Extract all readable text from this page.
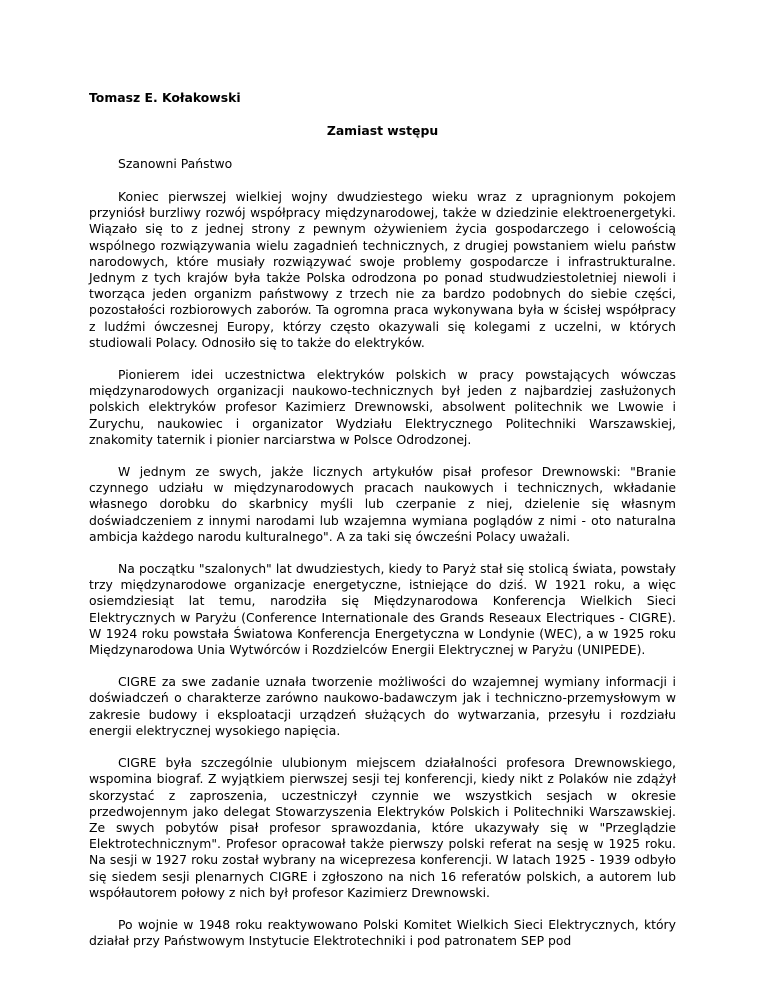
Tomasz E. Kołakowski
Zamiast wstępu
Szanowni Państwo

Koniec pierwszej wielkiej wojny dwudziestego wieku wraz z upragnionym pokojem przyniósł burzliwy rozwój współpracy międzynarodowej, także w dziedzinie elektroenergetyki. Wiązało się to z jednej strony z pewnym ożywieniem życia gospodarczego i celowością wspólnego rozwiązywania wielu zagadnień technicznych, z drugiej powstaniem wielu państw narodowych, które musiały rozwiązywać swoje problemy gospodarcze i infrastrukturalne. Jednym z tych krajów była także Polska odrodzona po ponad studwudziestoletniej niewoli i tworząca jeden organizm państwowy z trzech nie za bardzo podobnych do siebie części, pozostałości rozbiorowych zaborów. Ta ogromna praca wykonywana była w ścisłej współpracy z ludźmi ówczesnej Europy, którzy często okazywali się kolegami z uczelni, w których studiowali Polacy. Odnosiło się to także do elektryków.

Pionierem idei uczestnictwa elektryków polskich w pracy powstających wówczas międzynarodowych organizacji naukowo-technicznych był jeden z najbardziej zasłużonych polskich elektryków profesor Kazimierz Drewnowski, absolwent politechnik we Lwowie i Zurychu, naukowiec i organizator Wydziału Elektrycznego Politechniki Warszawskiej, znakomity taternik i pionier narciarstwa w Polsce Odrodzonej.

W jednym ze swych, jakże licznych artykułów pisał profesor Drewnowski: "Branie czynnego udziału w międzynarodowych pracach naukowych i technicznych, wkładanie własnego dorobku do skarbnicy myśli lub czerpanie z niej, dzielenie się własnym doświadczeniem z innymi narodami lub wzajemna wymiana poglądów z nimi - oto naturalna ambicja każdego narodu kulturalnego". A za taki się ówcześni Polacy uważali.

Na początku "szalonych" lat dwudziestych, kiedy to Paryż stał się stolicą świata, powstały trzy międzynarodowe organizacje energetyczne, istniejące do dziś. W 1921 roku, a więc osiemdziesiąt lat temu, narodziła się Międzynarodowa Konferencja Wielkich Sieci Elektrycznych w Paryżu (Conference Internationale des Grands Reseaux Electriques - CIGRE). W 1924 roku powstała Światowa Konferencja Energetyczna w Londynie (WEC), a w 1925 roku Międzynarodowa Unia Wytwórców i Rozdzielców Energii Elektrycznej w Paryżu (UNIPEDE).

CIGRE za swe zadanie uznała tworzenie możliwości do wzajemnej wymiany informacji i doświadczeń o charakterze zarówno naukowo-badawczym jak i techniczno-przemysłowym w zakresie budowy i eksploatacji urządzeń służących do wytwarzania, przesyłu i rozdziału energii elektrycznej wysokiego napięcia.

CIGRE była szczególnie ulubionym miejscem działalności profesora Drewnowskiego, wspomina biograf. Z wyjątkiem pierwszej sesji tej konferencji, kiedy nikt z Polaków nie zdążył skorzystać z zaproszenia, uczestniczył czynnie we wszystkich sesjach w okresie przedwojennym jako delegat Stowarzyszenia Elektryków Polskich i Politechniki Warszawskiej. Ze swych pobytów pisał profesor sprawozdania, które ukazywały się w "Przeglądzie Elektrotechnicznym". Profesor opracował także pierwszy polski referat na sesję w 1925 roku. Na sesji w 1927 roku został wybrany na wiceprezesa konferencji. W latach 1925 - 1939 odbyło się siedem sesji plenarnych CIGRE i zgłoszono na nich 16 referatów polskich, a autorem lub współautorem połowy z nich był profesor Kazimierz Drewnowski.

Po wojnie w 1948 roku reaktywowano Polski Komitet Wielkich Sieci Elektrycznych, który działał przy Państwowym Instytucie Elektrotechniki i pod patronatem SEP pod
